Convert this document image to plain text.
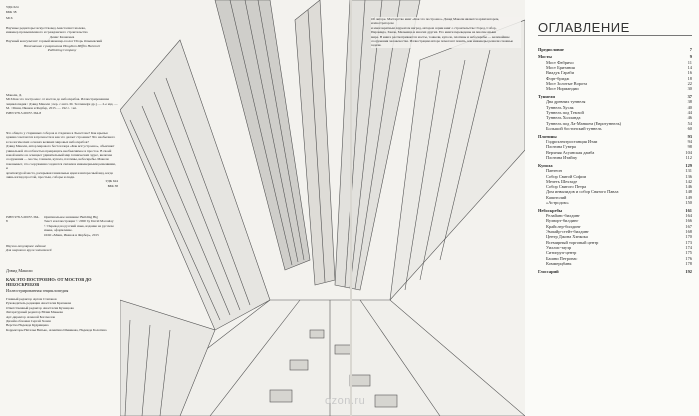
УДК 624
ББК 38
М16
Научные редакторы: искусствовед Анастасия Смолева,
инженер промышленного и гражданского строительства
Денис Казначеев
Научный консультант: горный инженер-геолог Игорь Ольшевский
Напечатано с разрешения Houghton Mifflin Harcourt
Publishing Company
Маколи, Д.
М16 Как это построено: от мостов до небоскребов. Иллюстрированная
энциклопедия / Дэвид Маколи ; пер. с англ. М. Тесленко[и др.]. — 2-е изд. —
М. : Манн, Иванов и Фербер, 2015. — 192 с. : ил.
ISBN 978-5-00057-364-8
Что общего у старинных соборов и стадиона в Хьюстоне? Как крылья
здания сочетаются в прочности и как это делает строение? Что необычного
в геологических основах великих мировых небоскребов?
Дэвид Маколи, автор мирового бестселлера «Как всё устроено», объясняет
уникальной способностью превращать необъяснимое в простое. В своей
новой книге он освещает удивительный мир технических чудес, включая
сооружения — мосты, тоннели, купола, плотины, небоскребы. Маколи
показывает, что сооружения создаются силами и инженерными решениями, и
архитектурой места, раскрывая гениальные идеи и интересный вид, когда
лишь взгляд простой, простым, соборы и люди.
УДК 624
ББК 38
ISBN 978-5-00057-364-8
Оригинальное название: Building Big
Текст и иллюстрации © 2000 by David Macaulay
© Перевод на русский язык, издание на русском языке, оформление.
ООО «Манн, Иванов и Фербер», 2015
Научно-популярное издание
Для широкого круга читателей
Дэвид Маколи
КАК ЭТО ПОСТРОЕНО: ОТ МОСТОВ ДО НЕБОСКРЕБОВ
Иллюстрированная энциклопедия
Главный редактор Артем Степанов
Руководитель редакции Анастасия Крючкова
Ответственный редактор Анастасия Кузнецова
Литературный редактор Юлия Макеева
Арт-директор Алексей Богомолов
Дизайн обложки Сергей Хозин
Верстка Надежда Кудрявцева
Корректоры Наталья Витько, Алевтина Шевякова, Надежда Болотина
Об авторе. Мастерство книг «Как это построено» Дэвид Маколи является архитектором, иллюстратором
и многократным лауреатом наград, автором серии книг о строительстве: Город, Собор,
Пирамида, Замок, Мельница и многих других. Его книги переведены на многие языки
мира. В книге рассматриваются мосты, тоннели, купола, плотины и небоскребы — величайшие
сооружения человечества. Иллюстрации автора помогают понять, как инженеры решали сложные задачи.
ОГЛАВЛЕНИЕ
Предисловие	7
Мосты	9
Мост Фабричо	11
Мост Британия	14
Виадук Гараби	16
Форт-бридж	18
Мост Золотые Ворота	22
Мост Нормандии	30
Туннели	37
Два древних туннеля	38
Туннель Хусак	40
Туннель под Темзой	44
Туннель Холланда	46
Туннель под Ла-Маншем (Евротуннель)	54
Большой бостонский туннель	60
Плотины	93
Гидроэлектростанция Итаи	94
Плотина Гувера	98
Верхняя Асуанская дамба	104
Плотина Итайпу	112
Купола	129
Пантеон	131
Собор Святой Софии	136
Мечеть Шехзаде	142
Собор Святого Петра	146
Дом инвалидов и собор Святого Павла	148
Капитолий	149
«Астродом»	150
Небоскребы	161
Релайанс-билдинг	164
Вулворт-билдинг	166
Крайслер-билдинг	167
Эмпайр-стейт-билдинг	168
Центр Джона Хэнкока	170
Всемирный торговый центр	173
Уиллис-тауэр	174
Ситигруп-центр	175
Башни Петронас	176
Коммерцбанк	178
Глоссарий	192
ozon.ru
